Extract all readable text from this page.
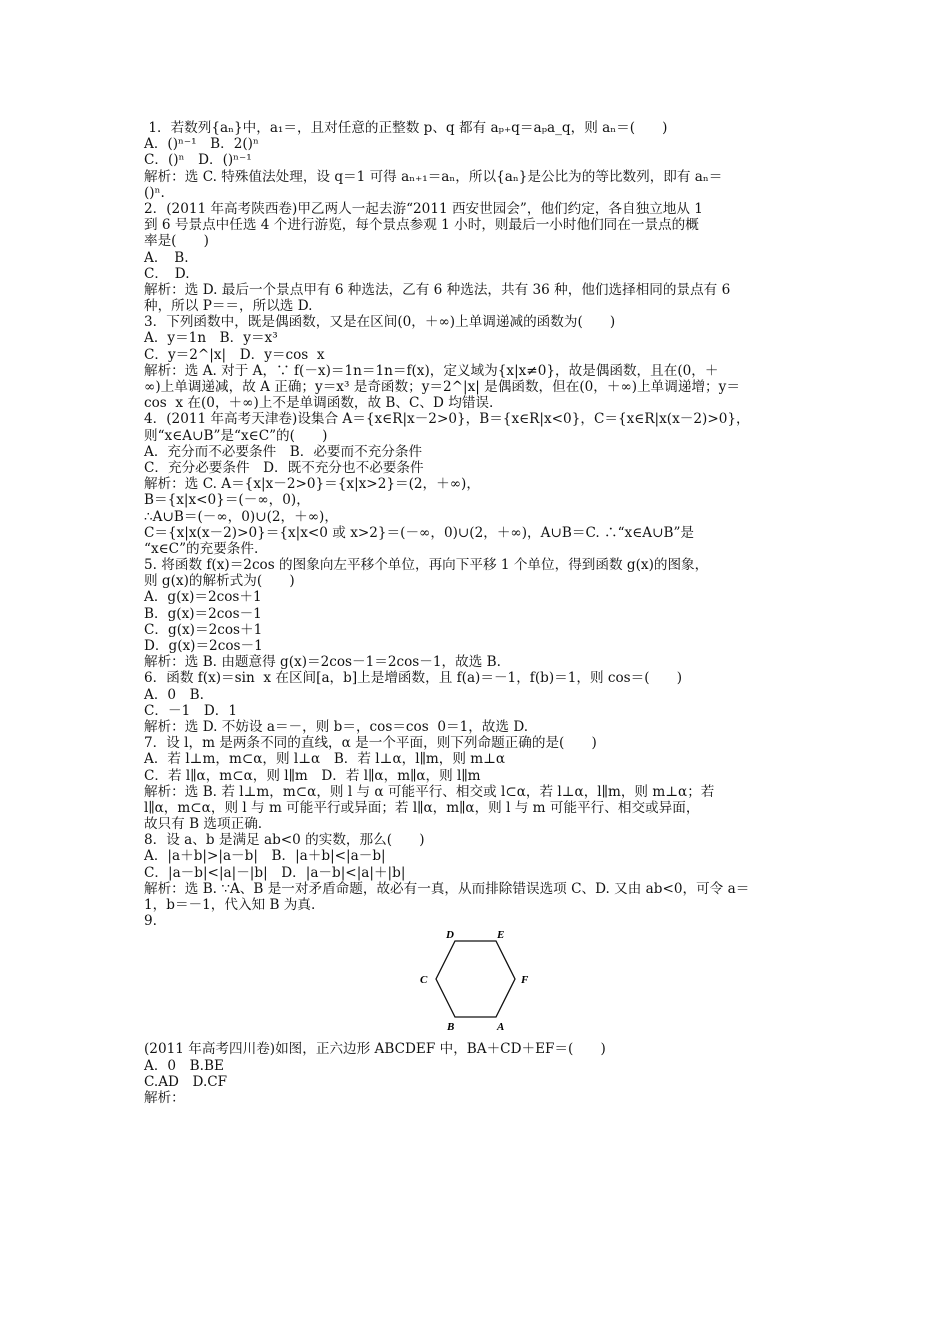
1．若数列{aₙ}中，a₁＝，且对任意的正整数 p、q 都有 aₚ₊q＝aₚa_q，则 aₙ＝(　　)
A．()ⁿ⁻¹　B．2()ⁿ
C．()ⁿ　D．()ⁿ⁻¹
解析：选 C. 特殊值法处理，设 q＝1 可得 aₙ₊₁＝aₙ，所以{aₙ}是公比为的等比数列，即有 aₙ＝
()ⁿ.
2．(2011 年高考陕西卷)甲乙两人一起去游“2011 西安世园会”，他们约定，各自独立地从 1
到 6 号景点中任选 4 个进行游览，每个景点参观 1 小时，则最后一小时他们同在一景点的概
率是(　　)
A．　B.
C．　D.
解析：选 D. 最后一个景点甲有 6 种选法，乙有 6 种选法，共有 36 种，他们选择相同的景点有 6
种，所以 P＝＝，所以选 D.
3．下列函数中，既是偶函数，又是在区间(0，＋∞)上单调递减的函数为(　　)
A．y＝1n　B．y＝x³
C．y＝2^|x|　D．y＝cos  x
解析：选 A. 对于 A，∵ f(－x)＝1n＝1n＝f(x)，定义域为{x|x≠0}，故是偶函数，且在(0，＋
∞)上单调递减，故 A 正确；y＝x³ 是奇函数；y＝2^|x| 是偶函数，但在(0，＋∞)上单调递增；y＝
cos  x 在(0，＋∞)上不是单调函数，故 B、C、D 均错误.
4．(2011 年高考天津卷)设集合 A＝{x∈R|x－2>0}，B＝{x∈R|x<0}，C＝{x∈R|x(x－2)>0}，
则“x∈A∪B”是“x∈C”的(　　)
A．充分而不必要条件　B．必要而不充分条件
C．充分必要条件　D．既不充分也不必要条件
解析：选 C. A＝{x|x－2>0}＝{x|x>2}＝(2，＋∞)，
B＝{x|x<0}＝(－∞，0)，
∴A∪B＝(－∞，0)∪(2，＋∞)，
C＝{x|x(x－2)>0}＝{x|x<0 或 x>2}＝(－∞，0)∪(2，＋∞)，A∪B＝C. ∴“x∈A∪B”是
“x∈C”的充要条件.
5. 将函数 f(x)＝2cos 的图象向左平移个单位，再向下平移 1 个单位，得到函数 g(x)的图象，
则 g(x)的解析式为(　　)
A．g(x)＝2cos＋1
B．g(x)＝2cos－1
C．g(x)＝2cos＋1
D．g(x)＝2cos－1
解析：选 B. 由题意得 g(x)＝2cos－1＝2cos－1，故选 B.
6．函数 f(x)＝sin  x 在区间[a，b]上是增函数，且 f(a)＝－1，f(b)＝1，则 cos＝(　　)
A．0　B.
C．－1　D．1
解析：选 D. 不妨设 a＝－，则 b＝，cos＝cos  0＝1，故选 D.
7．设 l，m 是两条不同的直线，α 是一个平面，则下列命题正确的是(　　)
A．若 l⊥m，m⊂α，则 l⊥α　B．若 l⊥α，l∥m，则 m⊥α
C．若 l∥α，m⊂α，则 l∥m　D．若 l∥α，m∥α，则 l∥m
解析：选 B. 若 l⊥m，m⊂α，则 l 与 α 可能平行、相交或 l⊂α，若 l⊥α，l∥m，则 m⊥α；若
l∥α，m⊂α，则 l 与 m 可能平行或异面；若 l∥α，m∥α，则 l 与 m 可能平行、相交或异面，
故只有 B 选项正确.
8．设 a、b 是满足 ab<0 的实数，那么(　　)
A．|a＋b|>|a－b|　B．|a＋b|<|a－b|
C．|a－b|<|a|－|b|　D．|a－b|<|a|＋|b|
解析：选 B. ∵A、B 是一对矛盾命题，故必有一真，从而排除错误选项 C、D. 又由 ab<0，可令 a＝
1，b＝－1，代入知 B 为真.
9.
D	E
C	F
B	A
(2011 年高考四川卷)如图，正六边形 ABCDEF 中，BA＋CD＋EF＝(　　)
A．0　B.BE
C.AD　D.CF
解析：
